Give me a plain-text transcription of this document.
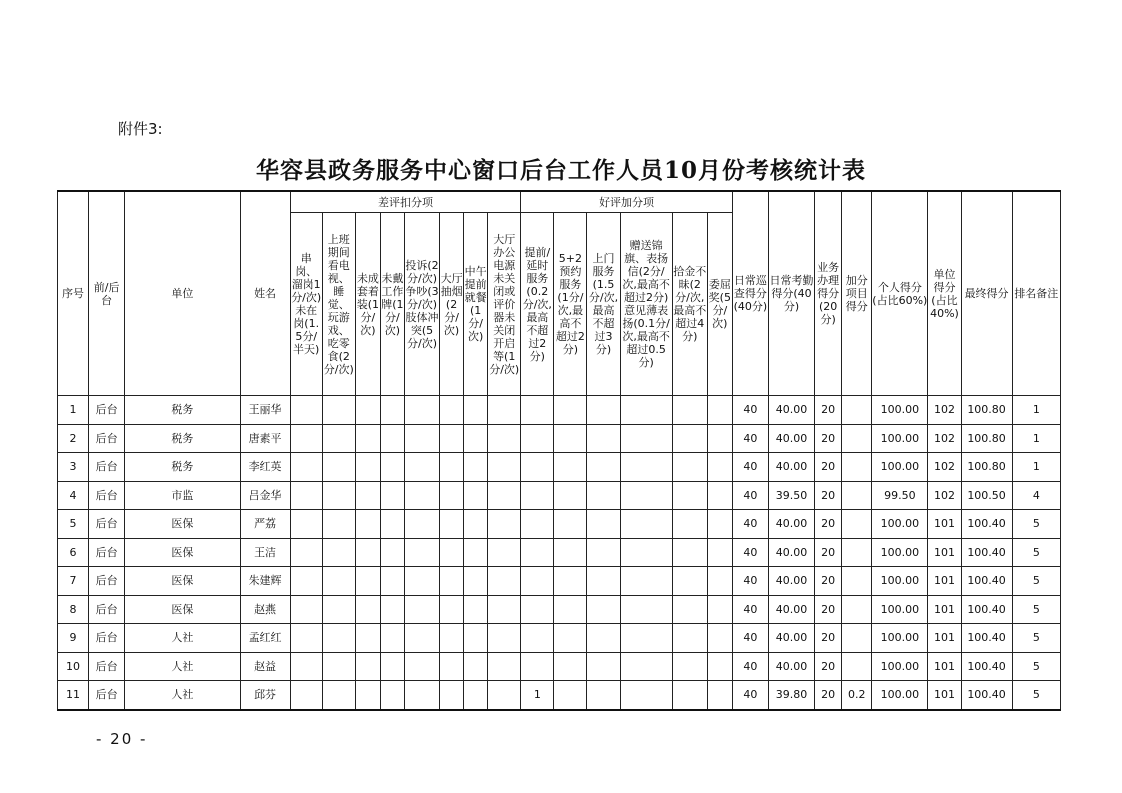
附件3:
华容县政务服务中心窗口后台工作人员10月份考核统计表
序号	前/后台	单位	姓名	差评扣分项								好评加分项						日常巡查得分(40分)	日常考勤得分(40分)	业务办理得分(20分)	加分项目得分	个人得分(占比60%)	单位得分(占比40%)	最终得分	排名备注
				串岗、溜岗1分/次)未在岗(1.5分/半天)	上班期间看电视、睡觉、玩游戏、吃零食(2分/次)	未成套着装(1分/次)	未戴工作牌(1分/次)	投诉(2分/次)争吵(3分/次)肢体冲突(5分/次)	大厅抽烟(2分/次)	中午提前就餐(1分/次)	大厅办公电源未关闭或评价器未关闭开启等(1分/次)	提前/延时服务(0.2分/次,最高不超过2分)	5+2预约服务(1分/次,最高不超过2分)	上门服务(1.5分/次,最高不超过3分)	赠送锦旗、表扬信(2分/次,最高不超过2分)意见薄表扬(0.1分/次,最高不超过0.5分)	拾金不昧(2分/次,最高不超过4分)	委屈奖(5分/次)								
1	后台	税务	王丽华															40	40.00	20		100.00	102	100.80	1
2	后台	税务	唐素平															40	40.00	20		100.00	102	100.80	1
3	后台	税务	李红英															40	40.00	20		100.00	102	100.80	1
4	后台	市监	吕金华															40	39.50	20		99.50	102	100.50	4
5	后台	医保	严荔															40	40.00	20		100.00	101	100.40	5
6	后台	医保	王洁															40	40.00	20		100.00	101	100.40	5
7	后台	医保	朱建辉															40	40.00	20		100.00	101	100.40	5
8	后台	医保	赵燕															40	40.00	20		100.00	101	100.40	5
9	后台	人社	孟红红															40	40.00	20		100.00	101	100.40	5
10	后台	人社	赵益															40	40.00	20		100.00	101	100.40	5
11	后台	人社	邱芬									1						40	39.80	20	0.2	100.00	101	100.40	5
- 20 -
